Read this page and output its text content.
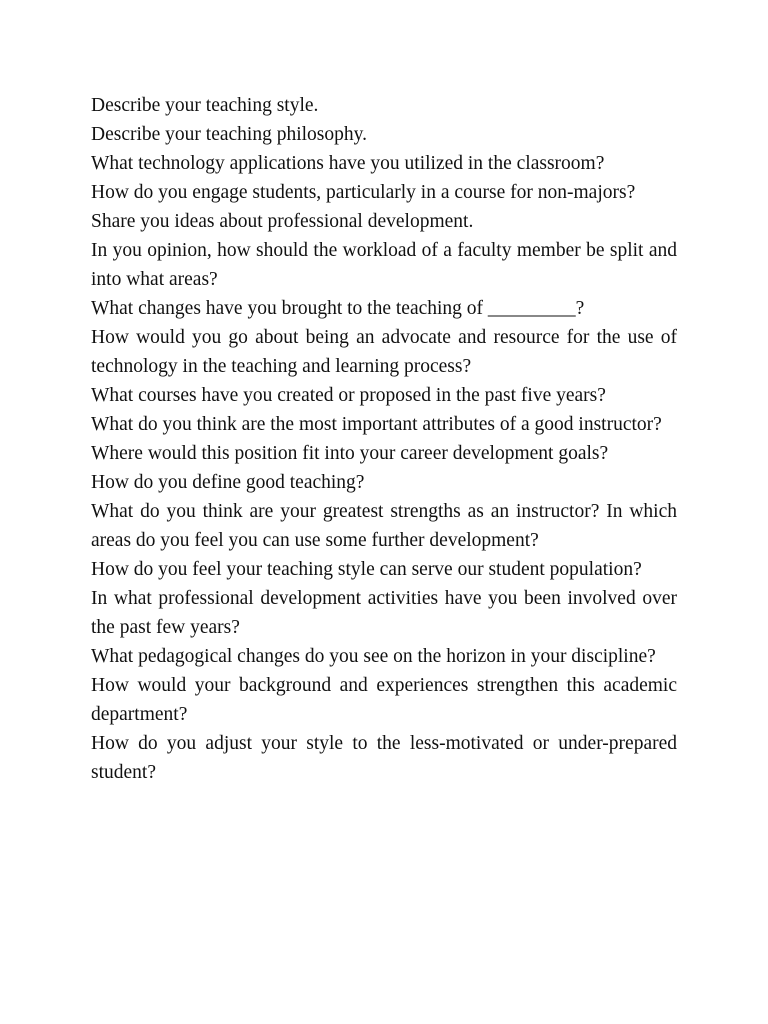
Describe your teaching style.
Describe your teaching philosophy.
What technology applications have you utilized in the classroom?
How do you engage students, particularly in a course for non-majors?
Share you ideas about professional development.
In you opinion, how should the workload of a faculty member be split and into what areas?
What changes have you brought to the teaching of _________?
How would you go about being an advocate and resource for the use of technology in the teaching and learning process?
What courses have you created or proposed in the past five years?
What do you think are the most important attributes of a good instructor?
Where would this position fit into your career development goals?
How do you define good teaching?
What do you think are your greatest strengths as an instructor? In which areas do you feel you can use some further development?
How do you feel your teaching style can serve our student population?
In what professional development activities have you been involved over the past few years?
What pedagogical changes do you see on the horizon in your discipline?
How would your background and experiences strengthen this academic department?
How do you adjust your style to the less-motivated or under-prepared student?
